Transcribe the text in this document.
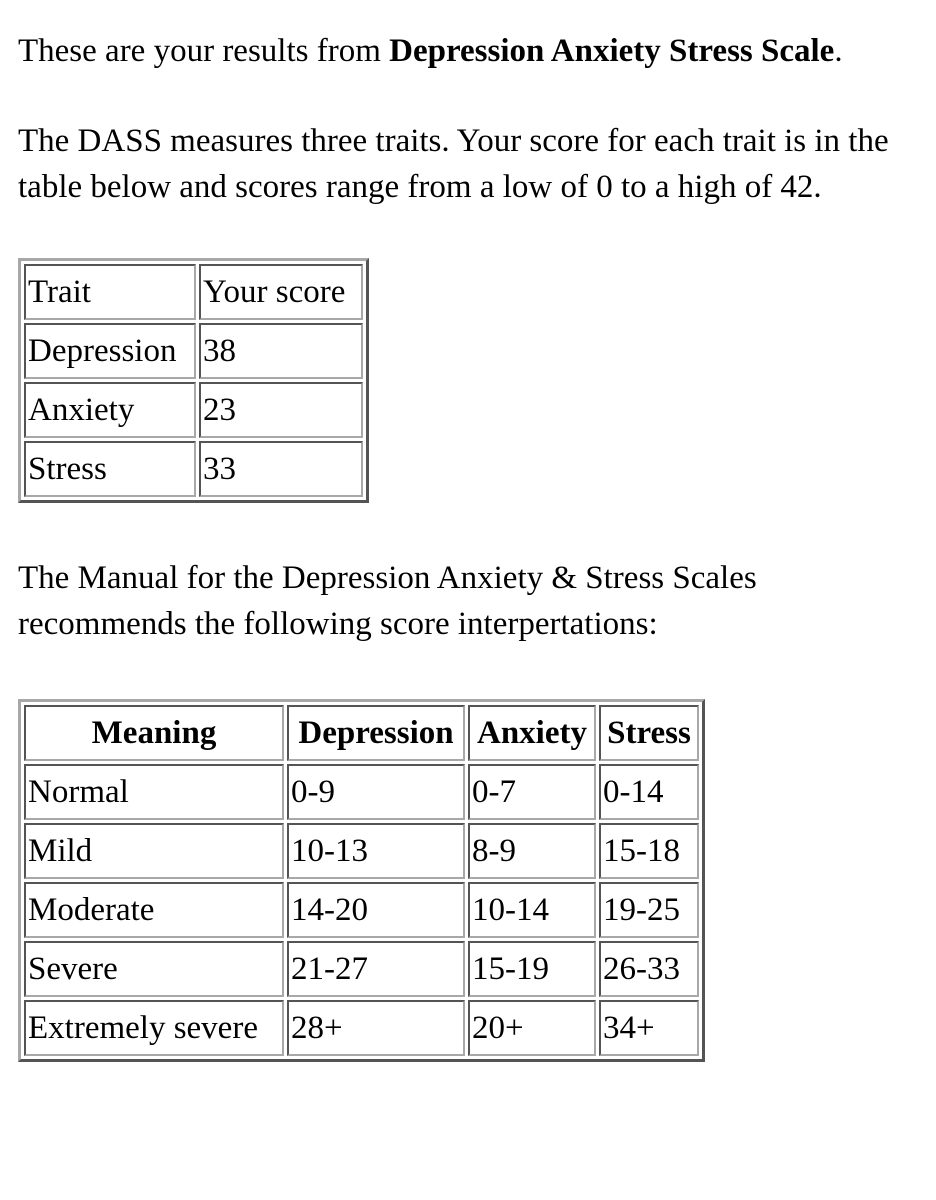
These are your results from Depression Anxiety Stress Scale.

The DASS measures three traits. Your score for each trait is in the table below and scores range from a low of 0 to a high of 42.

Trait	Your score
Depression	38
Anxiety	23
Stress	33

The Manual for the Depression Anxiety & Stress Scales recommends the following score interpertations:

Meaning	Depression	Anxiety	Stress
Normal	0-9	0-7	0-14
Mild	10-13	8-9	15-18
Moderate	14-20	10-14	19-25
Severe	21-27	15-19	26-33
Extremely severe	28+	20+	34+
